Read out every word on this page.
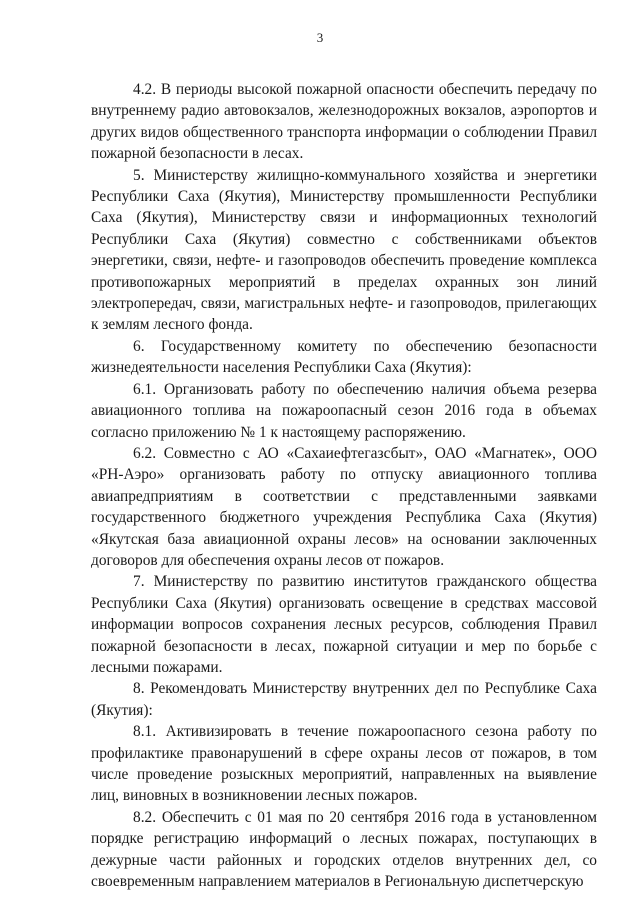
3

4.2. В периоды высокой пожарной опасности обеспечить передачу по внутреннему радио автовокзалов, железнодорожных вокзалов, аэропортов и других видов общественного транспорта информации о соблюдении Правил пожарной безопасности в лесах.

5. Министерству жилищно-коммунального хозяйства и энергетики Республики Саха (Якутия), Министерству промышленности Республики Саха (Якутия), Министерству связи и информационных технологий Республики Саха (Якутия) совместно с собственниками объектов энергетики, связи, нефте- и газопроводов обеспечить проведение комплекса противопожарных мероприятий в пределах охранных зон линий электропередач, связи, магистральных нефте- и газопроводов, прилегающих к землям лесного фонда.

6. Государственному комитету по обеспечению безопасности жизнедеятельности населения Республики Саха (Якутия):

6.1. Организовать работу по обеспечению наличия объема резерва авиационного топлива на пожароопасный сезон 2016 года в объемах согласно приложению № 1 к настоящему распоряжению.

6.2. Совместно с АО «Сахаиефтегазсбыт», ОАО «Магнатек», ООО «РН-Аэро» организовать работу по отпуску авиационного топлива авиапредприятиям в соответствии с представленными заявками государственного бюджетного учреждения Республика Саха (Якутия) «Якутская база авиационной охраны лесов» на основании заключенных договоров для обеспечения охраны лесов от пожаров.

7. Министерству по развитию институтов гражданского общества Республики Саха (Якутия) организовать освещение в средствах массовой информации вопросов сохранения лесных ресурсов, соблюдения Правил пожарной безопасности в лесах, пожарной ситуации и мер по борьбе с лесными пожарами.

8. Рекомендовать Министерству внутренних дел по Республике Саха (Якутия):

8.1. Активизировать в течение пожароопасного сезона работу по профилактике правонарушений в сфере охраны лесов от пожаров, в том числе проведение розыскных мероприятий, направленных на выявление лиц, виновных в возникновении лесных пожаров.

8.2. Обеспечить с 01 мая по 20 сентября 2016 года в установленном порядке регистрацию информаций о лесных пожарах, поступающих в дежурные части районных и городских отделов внутренних дел, со своевременным направлением материалов в Региональную диспетчерскую
